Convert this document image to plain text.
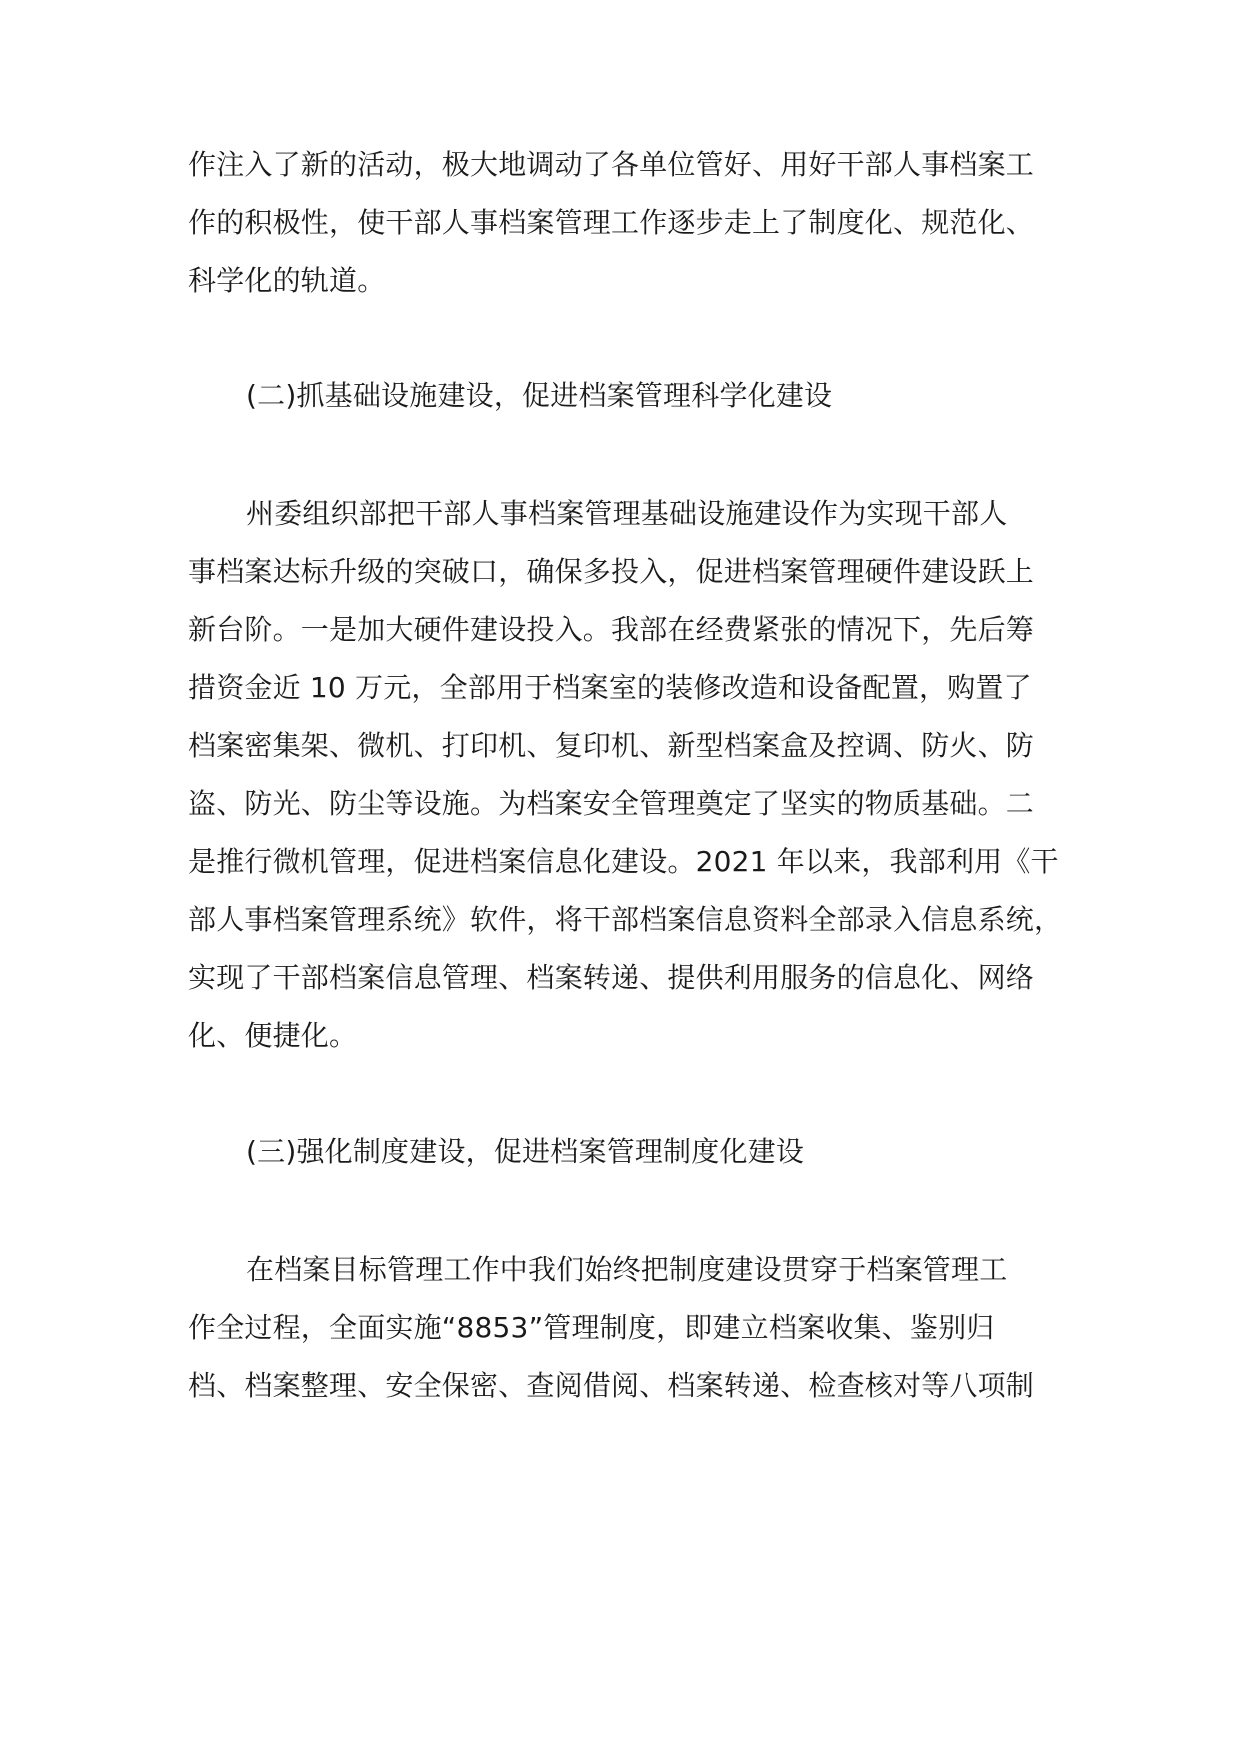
作注入了新的活动，极大地调动了各单位管好、用好干部人事档案工
作的积极性，使干部人事档案管理工作逐步走上了制度化、规范化、
科学化的轨道。
(二)抓基础设施建设，促进档案管理科学化建设
州委组织部把干部人事档案管理基础设施建设作为实现干部人
事档案达标升级的突破口，确保多投入，促进档案管理硬件建设跃上
新台阶。一是加大硬件建设投入。我部在经费紧张的情况下，先后筹
措资金近 10 万元，全部用于档案室的装修改造和设备配置，购置了
档案密集架、微机、打印机、复印机、新型档案盒及控调、防火、防
盗、防光、防尘等设施。为档案安全管理奠定了坚实的物质基础。二
是推行微机管理，促进档案信息化建设。2021 年以来，我部利用《干
部人事档案管理系统》软件，将干部档案信息资料全部录入信息系统，
实现了干部档案信息管理、档案转递、提供利用服务的信息化、网络
化、便捷化。
(三)强化制度建设，促进档案管理制度化建设
在档案目标管理工作中我们始终把制度建设贯穿于档案管理工
作全过程，全面实施“8853”管理制度，即建立档案收集、鉴别归
档、档案整理、安全保密、查阅借阅、档案转递、检查核对等八项制
